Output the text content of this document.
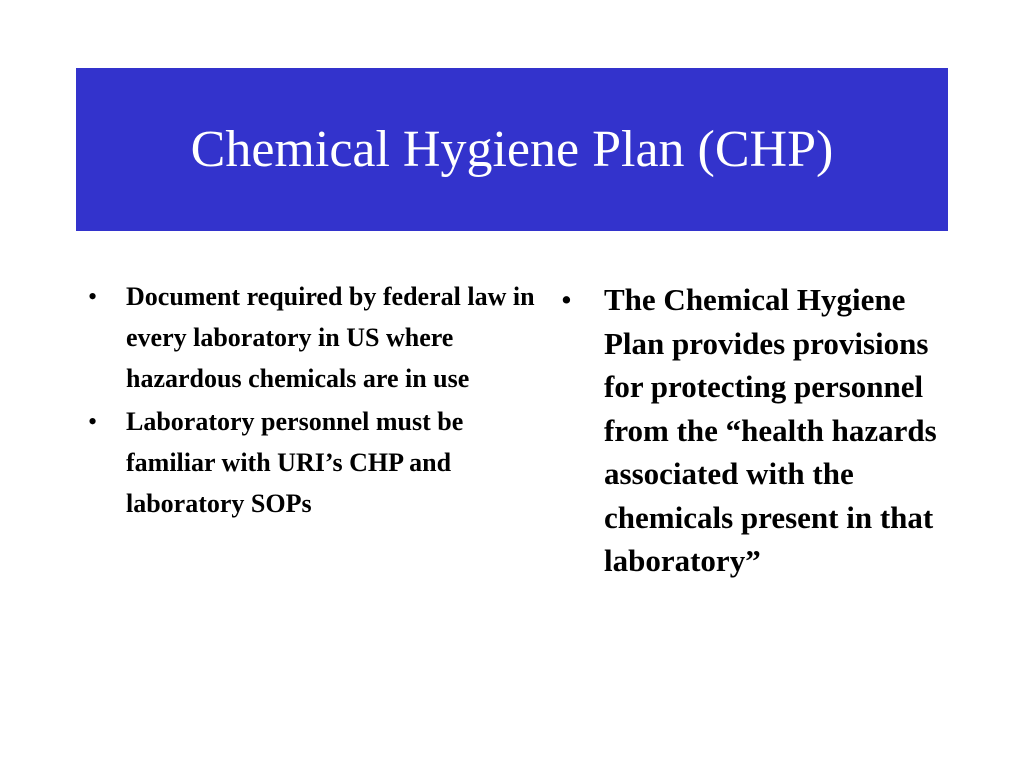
Chemical Hygiene Plan (CHP)
•	Document required by federal law in every laboratory in US where hazardous chemicals are in use
•	Laboratory personnel must be familiar with URI’s CHP and laboratory SOPs
•	The Chemical Hygiene Plan provides provisions for protecting personnel from the “health hazards associated with the chemicals present in that laboratory”
